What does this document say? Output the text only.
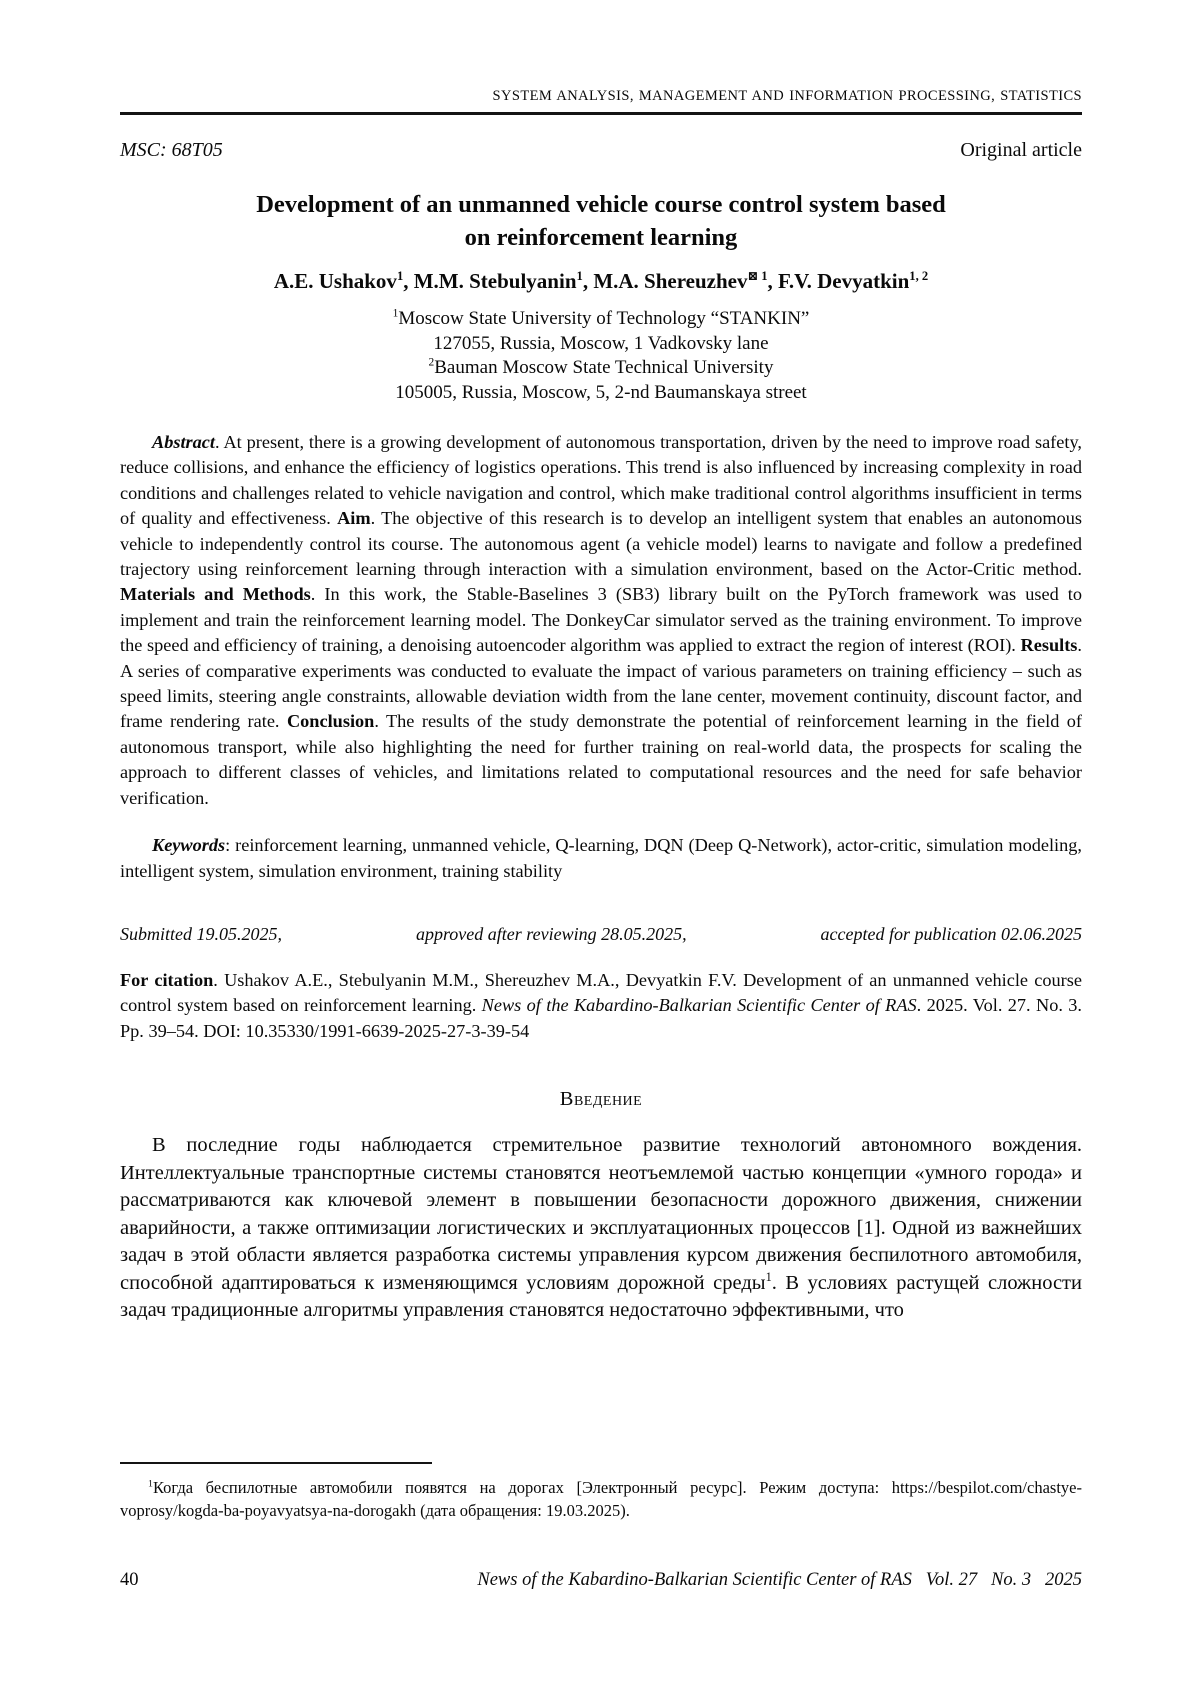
SYSTEM ANALYSIS, MANAGEMENT AND INFORMATION PROCESSING, STATISTICS
MSC: 68T05	Original article
Development of an unmanned vehicle course control system based
on reinforcement learning
A.E. Ushakov$^1$, M.M. Stebulyanin$^1$, M.A. Shereuzhev$^{⊠ 1}$, F.V. Devyatkin$^{1, 2}$
$^1$Moscow State University of Technology “STANKIN”
127055, Russia, Moscow, 1 Vadkovsky lane
$^2$Bauman Moscow State Technical University
105005, Russia, Moscow, 5, 2-nd Baumanskaya street
Abstract. At present, there is a growing development of autonomous transportation, driven by the need to improve road safety, reduce collisions, and enhance the efficiency of logistics operations. This trend is also influenced by increasing complexity in road conditions and challenges related to vehicle navigation and control, which make traditional control algorithms insufficient in terms of quality and effectiveness. Aim. The objective of this research is to develop an intelligent system that enables an autonomous vehicle to independently control its course. The autonomous agent (a vehicle model) learns to navigate and follow a predefined trajectory using reinforcement learning through interaction with a simulation environment, based on the Actor-Critic method. Materials and Methods. In this work, the Stable-Baselines 3 (SB3) library built on the PyTorch framework was used to implement and train the reinforcement learning model. The DonkeyCar simulator served as the training environment. To improve the speed and efficiency of training, a denoising autoencoder algorithm was applied to extract the region of interest (ROI). Results. A series of comparative experiments was conducted to evaluate the impact of various parameters on training efficiency – such as speed limits, steering angle constraints, allowable deviation width from the lane center, movement continuity, discount factor, and frame rendering rate. Conclusion. The results of the study demonstrate the potential of reinforcement learning in the field of autonomous transport, while also highlighting the need for further training on real-world data, the prospects for scaling the approach to different classes of vehicles, and limitations related to computational resources and the need for safe behavior verification.
Keywords: reinforcement learning, unmanned vehicle, Q-learning, DQN (Deep Q-Network), actor-critic, simulation modeling, intelligent system, simulation environment, training stability
Submitted 19.05.2025,	approved after reviewing 28.05.2025,	accepted for publication 02.06.2025
For citation. Ushakov A.E., Stebulyanin M.M., Shereuzhev M.A., Devyatkin F.V. Development of an unmanned vehicle course control system based on reinforcement learning. News of the Kabardino-Balkarian Scientific Center of RAS. 2025. Vol. 27. No. 3. Pp. 39–54. DOI: 10.35330/1991-6639-2025-27-3-39-54
Введение
В последние годы наблюдается стремительное развитие технологий автономного вождения. Интеллектуальные транспортные системы становятся неотъемлемой частью концепции «умного города» и рассматриваются как ключевой элемент в повышении безопасности дорожного движения, снижении аварийности, а также оптимизации логистических и эксплуатационных процессов [1]. Одной из важнейших задач в этой области является разработка системы управления курсом движения беспилотного автомобиля, способной адаптироваться к изменяющимся условиям дорожной среды$^1$. В условиях растущей сложности задач традиционные алгоритмы управления становятся недостаточно эффективными, что
$^1$Когда беспилотные автомобили появятся на дорогах [Электронный ресурс]. Режим доступа: https://bespilot.com/chastye-voprosy/kogda-ba-poyavyatsya-na-dorogakh (дата обращения: 19.03.2025).
40	News of the Kabardino-Balkarian Scientific Center of RAS   Vol. 27   No. 3   2025
